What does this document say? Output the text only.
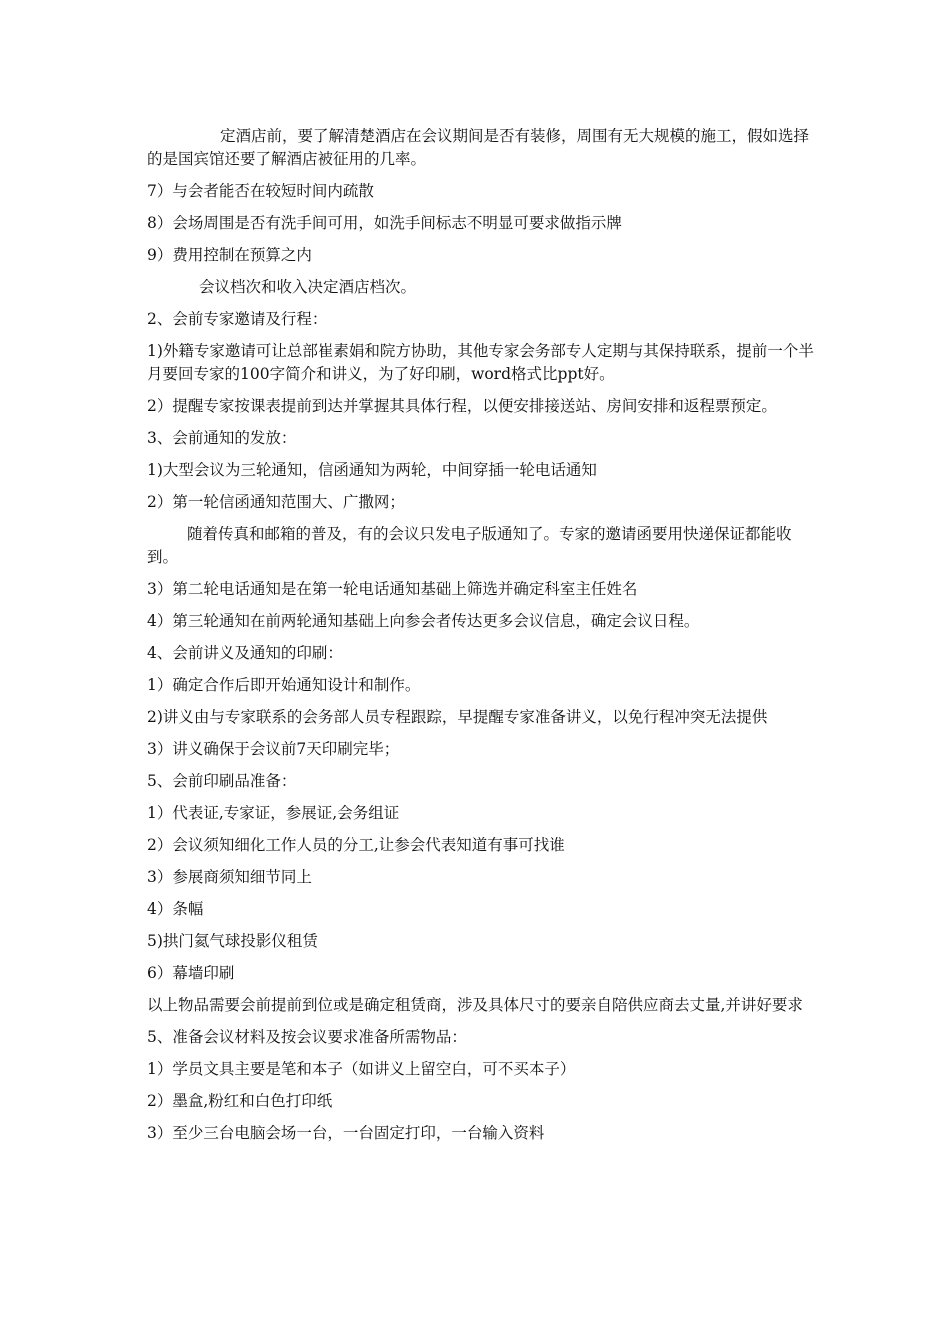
定酒店前，要了解清楚酒店在会议期间是否有装修，周围有无大规模的施工，假如选择的是国宾馆还要了解酒店被征用的几率。

7）与会者能否在较短时间内疏散

8）会场周围是否有洗手间可用，如洗手间标志不明显可要求做指示牌

9）费用控制在预算之内

会议档次和收入决定酒店档次。

2、会前专家邀请及行程：

1)外籍专家邀请可让总部崔素娟和院方协助，其他专家会务部专人定期与其保持联系，提前一个半月要回专家的100字简介和讲义，为了好印刷，word格式比ppt好。

2）提醒专家按课表提前到达并掌握其具体行程，以便安排接送站、房间安排和返程票预定。

3、会前通知的发放：

1)大型会议为三轮通知，信函通知为两轮，中间穿插一轮电话通知

2）第一轮信函通知范围大、广撒网；

随着传真和邮箱的普及，有的会议只发电子版通知了。专家的邀请函要用快递保证都能收到。

3）第二轮电话通知是在第一轮电话通知基础上筛选并确定科室主任姓名

4）第三轮通知在前两轮通知基础上向参会者传达更多会议信息，确定会议日程。

4、会前讲义及通知的印刷：

1）确定合作后即开始通知设计和制作。

2)讲义由与专家联系的会务部人员专程跟踪，早提醒专家准备讲义，以免行程冲突无法提供

3）讲义确保于会议前7天印刷完毕；

5、会前印刷品准备：

1）代表证,专家证，参展证,会务组证

2）会议须知细化工作人员的分工,让参会代表知道有事可找谁

3）参展商须知细节同上

4）条幅

5)拱门氦气球投影仪租赁

6）幕墙印刷

以上物品需要会前提前到位或是确定租赁商，涉及具体尺寸的要亲自陪供应商去丈量,并讲好要求

5、准备会议材料及按会议要求准备所需物品：

1）学员文具主要是笔和本子（如讲义上留空白，可不买本子）

2）墨盒,粉红和白色打印纸

3）至少三台电脑会场一台，一台固定打印，一台输入资料
